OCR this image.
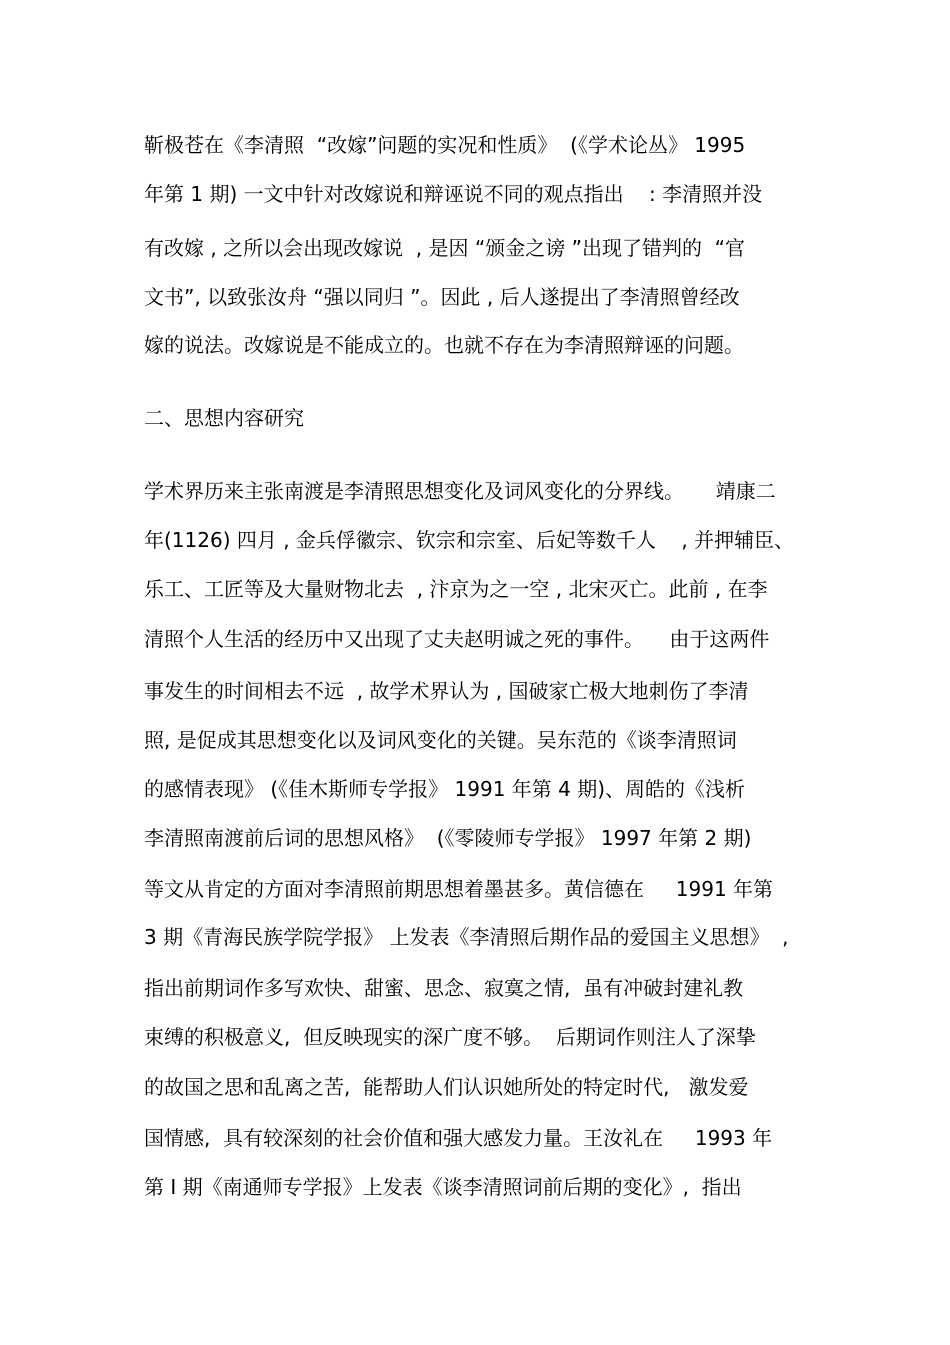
靳极苍在《李清照  “改嫁”问题的实况和性质》  (《学术论丛》 1995
年第 1 期) 一文中针对改嫁说和辩诬说不同的观点指出    : 李清照并没
有改嫁 , 之所以会出现改嫁说  , 是因 “颁金之谤 ”出现了错判的  “官
文书”, 以致张汝舟 “强以同归 ”。因此 , 后人遂提出了李清照曾经改
嫁的说法。改嫁说是不能成立的。也就不存在为李清照辩诬的问题。
二、思想内容研究
学术界历来主张南渡是李清照思想变化及词风变化的分界线。     靖康二
年(1126) 四月 , 金兵俘徽宗、钦宗和宗室、后妃等数千人    , 并押辅臣、
乐工、工匠等及大量财物北去  , 汴京为之一空 , 北宋灭亡。此前 , 在李
清照个人生活的经历中又出现了丈夫赵明诚之死的事件。    由于这两件
事发生的时间相去不远  , 故学术界认为 , 国破家亡极大地刺伤了李清
照, 是促成其思想变化以及词风变化的关键。吴东范的《谈李清照词
的感情表现》 (《佳木斯师专学报》 1991 年第 4 期)、周皓的《浅析
李清照南渡前后词的思想风格》  (《零陵师专学报》 1997 年第 2 期)
等文从肯定的方面对李清照前期思想着墨甚多。黄信德在     1991 年第
3 期《青海民族学院学报》 上发表《李清照后期作品的爱国主义思想》  ,
指出前期词作多写欢快、甜蜜、思念、寂寞之情,  虽有冲破封建礼教
束缚的积极意义,  但反映现实的深广度不够。  后期词作则注人了深挚
的故国之思和乱离之苦,  能帮助人们认识她所处的特定时代,   激发爱
国情感,  具有较深刻的社会价值和强大感发力量。王汝礼在     1993 年
第 I 期《南通师专学报》上发表《谈李清照词前后期的变化》,  指出
